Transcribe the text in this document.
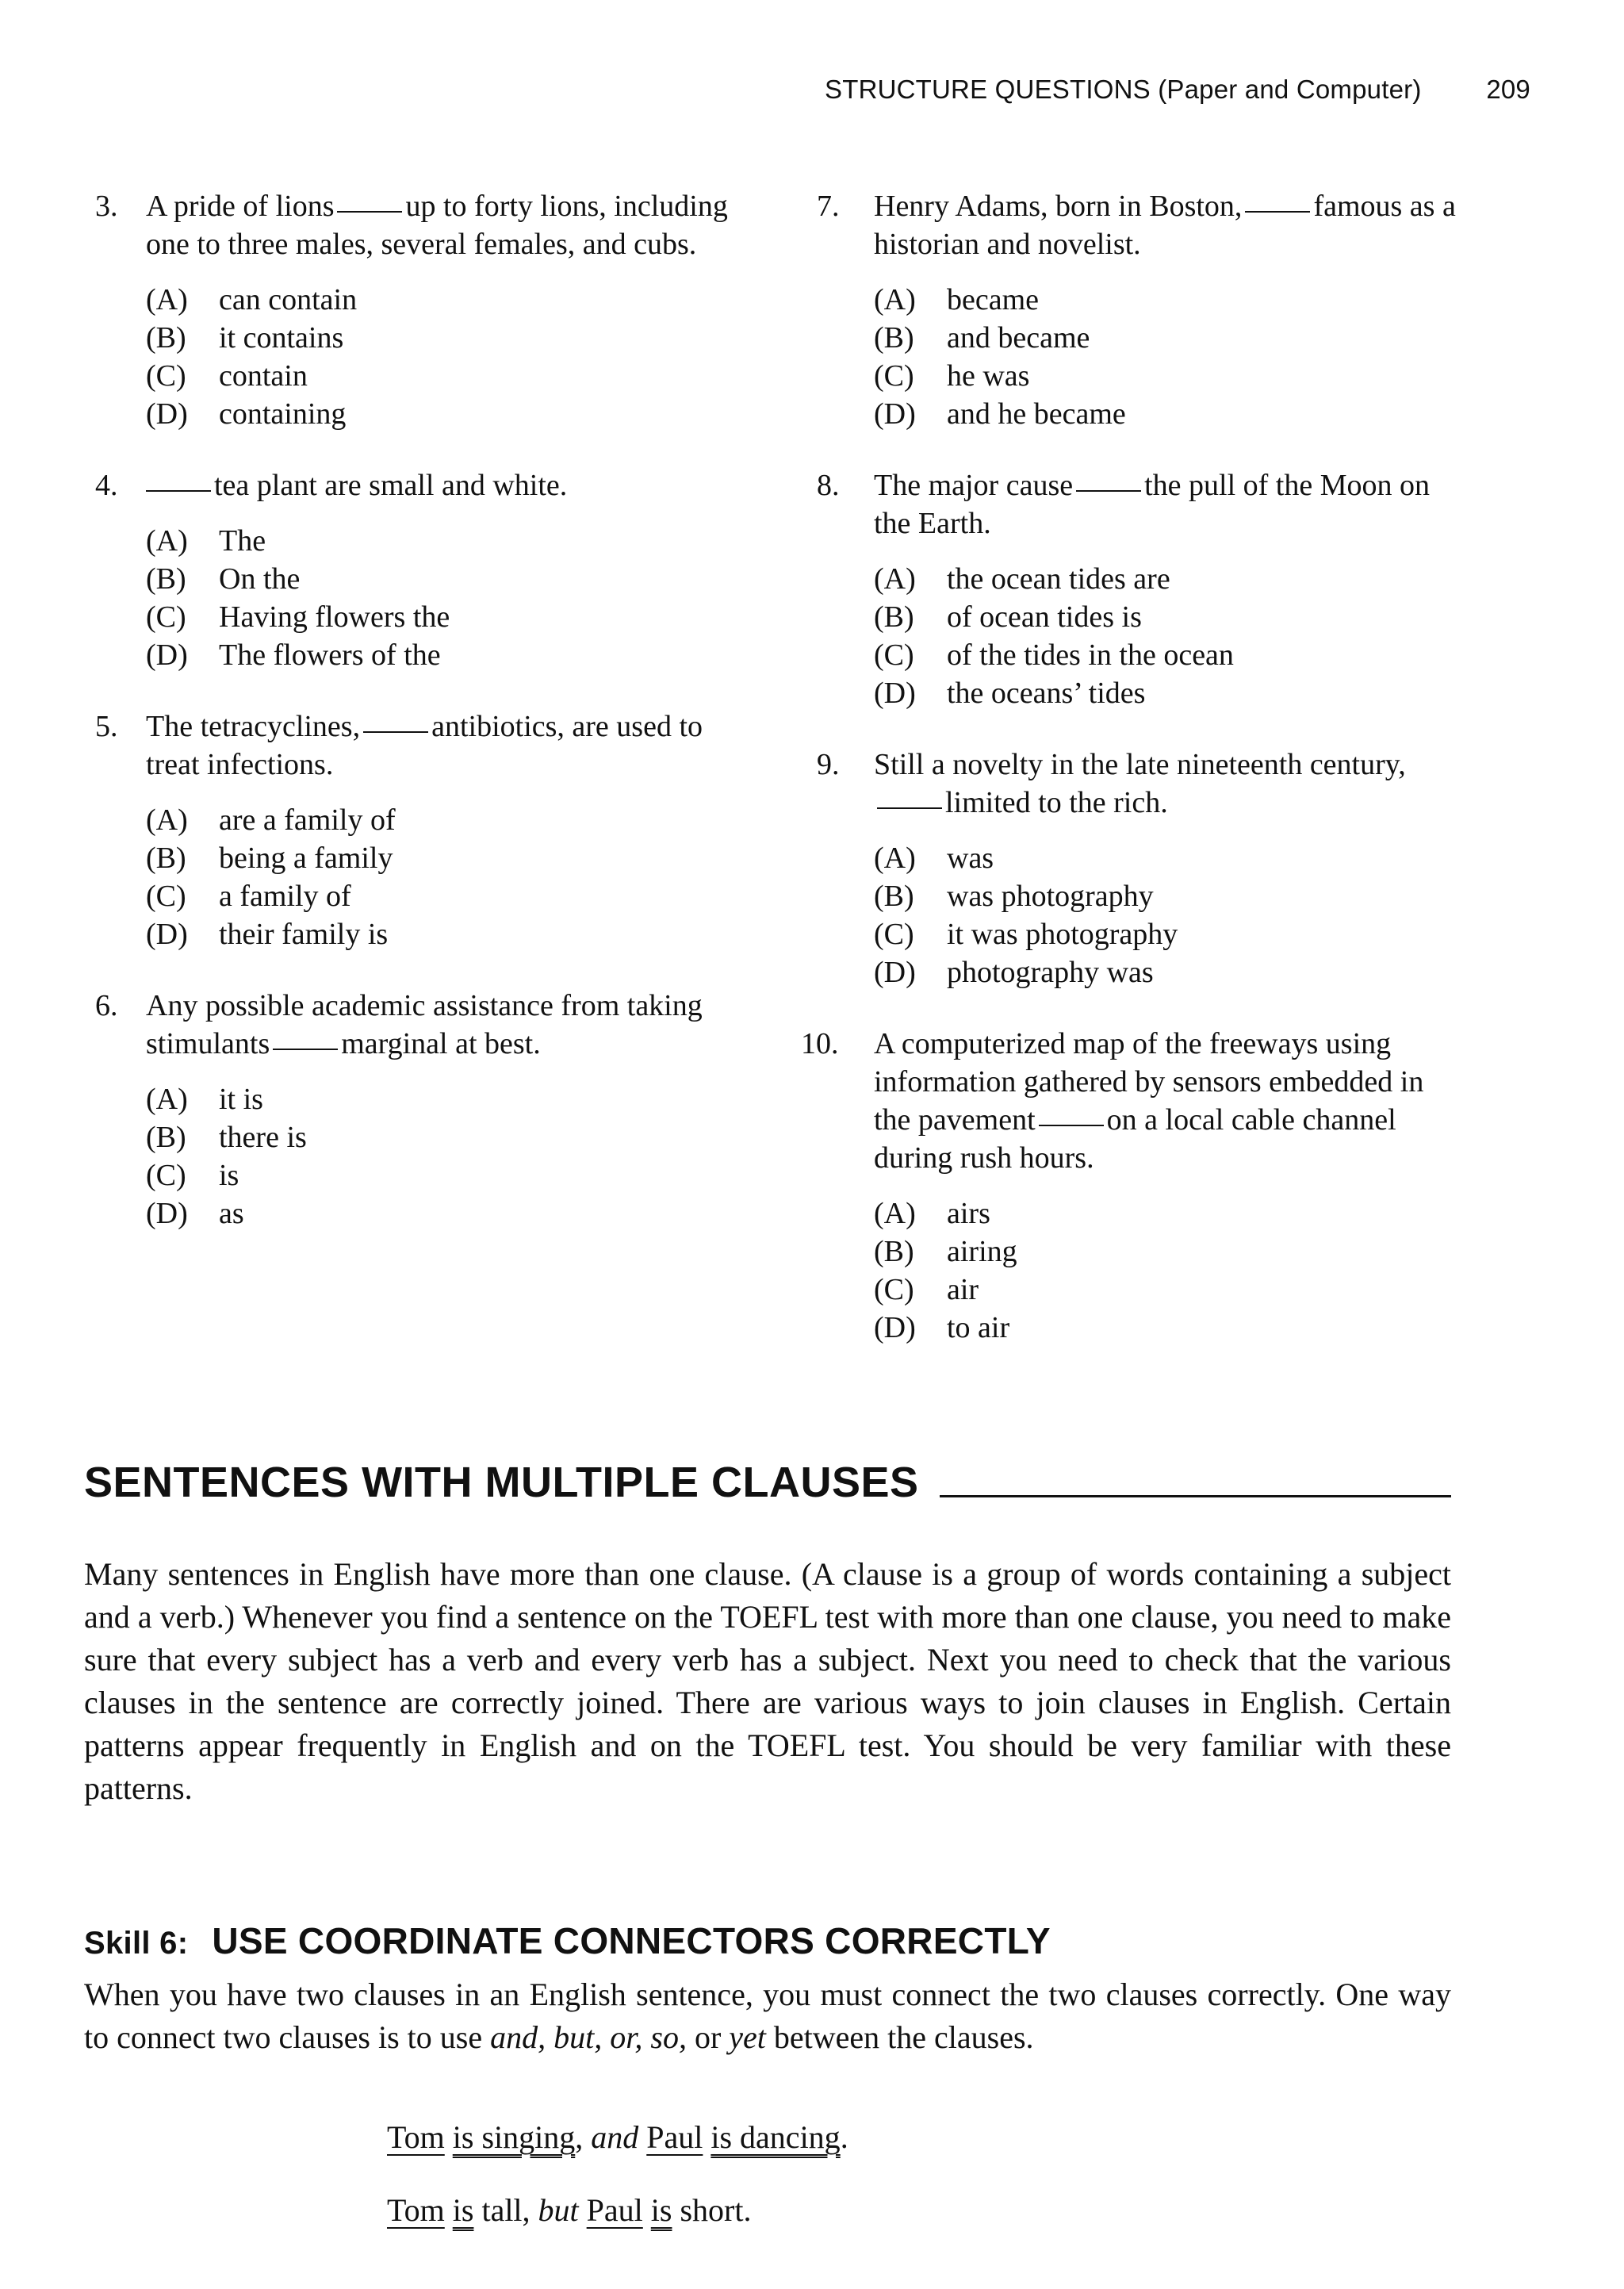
STRUCTURE QUESTIONS (Paper and Computer) 209
3. A pride of lions up to forty lions, including one to three males, several females, and cubs.
(A)	can contain
(B)	it contains
(C)	contain
(D)	containing
4.	tea plant are small and white.
(A)	The
(B)	On the
(C)	Having flowers the
(D)	The flowers of the
5. The tetracyclines, antibiotics, are used to treat infections.
(A)	are a family of
(B)	being a family
(C)	a family of
(D)	their family is
6. Any possible academic assistance from taking stimulants marginal at best.
(A)	it is
(B)	there is
(C)	is
(D)	as
7. Henry Adams, born in Boston, famous as a historian and novelist.
(A)	became
(B)	and became
(C)	he was
(D)	and he became
8. The major cause the pull of the Moon on the Earth.
(A)	the ocean tides are
(B)	of ocean tides is
(C)	of the tides in the ocean
(D)	the oceans’ tides
9. Still a novelty in the late nineteenth century,limited to the rich.
(A)	was
(B)	was photography
(C)	it was photography
(D)	photography was
10. A computerized map of the freeways using information gathered by sensors embedded in the pavement on a local cable channel during rush hours.
(A)	airs
(B)	airing
(C)	air
(D)	to air
SENTENCES WITH MULTIPLE CLAUSES
Many sentences in English have more than one clause. (A clause is a group of words containing a subject and a verb.) Whenever you find a sentence on the TOEFL test with more than one clause, you need to make sure that every subject has a verb and every verb has a subject. Next you need to check that the various clauses in the sentence are correctly joined. There are various ways to join clauses in English. Certain patterns appear frequently in English and on the TOEFL test. You should be very familiar with these patterns.
Skill 6: USE COORDINATE CONNECTORS CORRECTLY
When you have two clauses in an English sentence, you must connect the two clauses correctly. One way to connect two clauses is to use and, but, or, so, or yet between the clauses.
Tom is singing, and Paul is dancing.
Tom is tall, but Paul is short.
